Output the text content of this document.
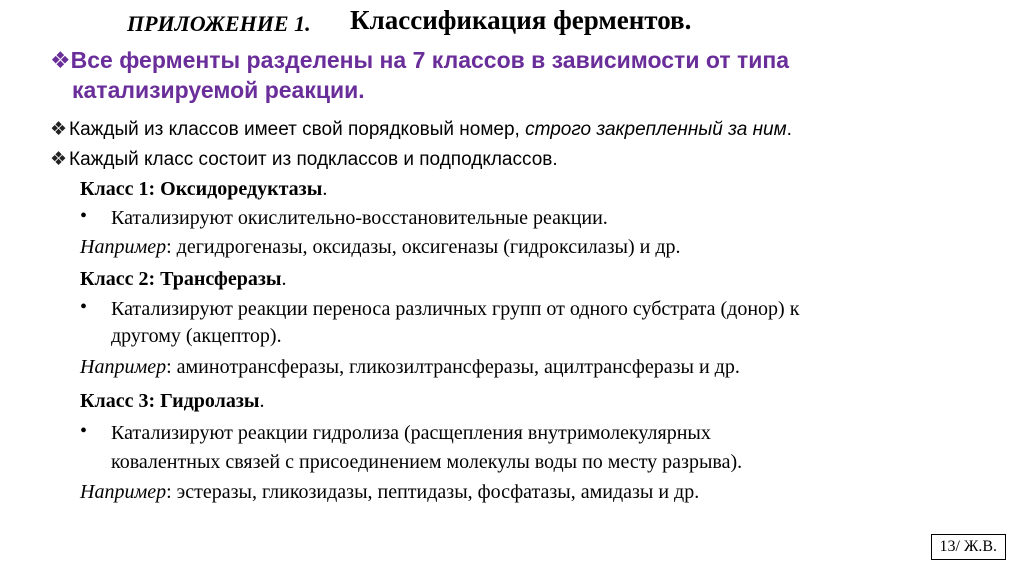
ПРИЛОЖЕНИЕ 1. Классификация ферментов.
❖Все ферменты разделены на 7 классов в зависимости от типа
катализируемой реакции.
❖ Каждый из классов имеет свой порядковый номер, строго закрепленный за ним.
❖ Каждый класс состоит из подклассов и подподклассов.
Класс 1: Оксидоредуктазы.
• Катализируют окислительно-восстановительные реакции.
Например: дегидрогеназы, оксидазы, оксигеназы (гидроксилазы) и др.
Класс 2: Трансферазы.
• Катализируют реакции переноса различных групп от одного субстрата (донор) к
другому (акцептор).
Например: аминотрансферазы, гликозилтрансферазы, ацилтрансферазы и др.
Класс 3: Гидролазы.
• Катализируют реакции гидролиза (расщепления внутримолекулярных
ковалентных связей с присоединением молекулы воды по месту разрыва).
Например: эстеразы, гликозидазы, пептидазы, фосфатазы, амидазы и др.
13/ Ж.В.
